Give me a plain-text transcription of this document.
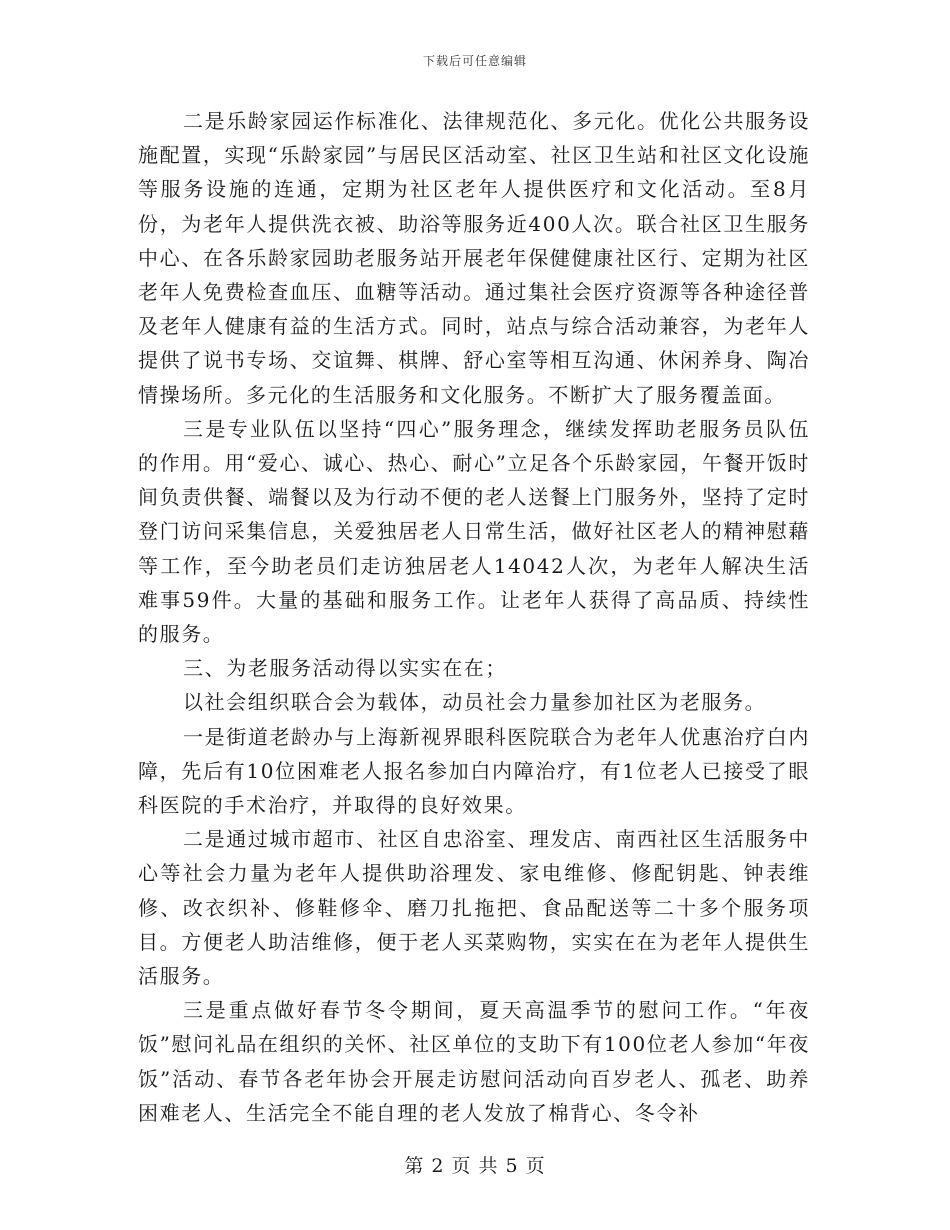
下载后可任意编辑

二是乐龄家园运作标准化、法律规范化、多元化。优化公共服务设施配置，实现“乐龄家园”与居民区活动室、社区卫生站和社区文化设施等服务设施的连通，定期为社区老年人提供医疗和文化活动。至8月份，为老年人提供洗衣被、助浴等服务近400人次。联合社区卫生服务中心、在各乐龄家园助老服务站开展老年保健健康社区行、定期为社区老年人免费检查血压、血糖等活动。通过集社会医疗资源等各种途径普及老年人健康有益的生活方式。同时，站点与综合活动兼容，为老年人提供了说书专场、交谊舞、棋牌、舒心室等相互沟通、休闲养身、陶冶情操场所。多元化的生活服务和文化服务。不断扩大了服务覆盖面。

三是专业队伍以坚持“四心”服务理念，继续发挥助老服务员队伍的作用。用“爱心、诚心、热心、耐心”立足各个乐龄家园，午餐开饭时间负责供餐、端餐以及为行动不便的老人送餐上门服务外，坚持了定时登门访问采集信息，关爱独居老人日常生活，做好社区老人的精神慰藉等工作，至今助老员们走访独居老人14042人次，为老年人解决生活难事59件。大量的基础和服务工作。让老年人获得了高品质、持续性的服务。

三、为老服务活动得以实实在在；

以社会组织联合会为载体，动员社会力量参加社区为老服务。

一是街道老龄办与上海新视界眼科医院联合为老年人优惠治疗白内障，先后有10位困难老人报名参加白内障治疗，有1位老人已接受了眼科医院的手术治疗，并取得的良好效果。

二是通过城市超市、社区自忠浴室、理发店、南西社区生活服务中心等社会力量为老年人提供助浴理发、家电维修、修配钥匙、钟表维修、改衣织补、修鞋修伞、磨刀扎拖把、食品配送等二十多个服务项目。方便老人助洁维修，便于老人买菜购物，实实在在为老年人提供生活服务。

三是重点做好春节冬令期间，夏天高温季节的慰问工作。“年夜饭”慰问礼品在组织的关怀、社区单位的支助下有100位老人参加“年夜饭”活动、春节各老年协会开展走访慰问活动向百岁老人、孤老、助养困难老人、生活完全不能自理的老人发放了棉背心、冬令补

第 2 页 共 5 页
